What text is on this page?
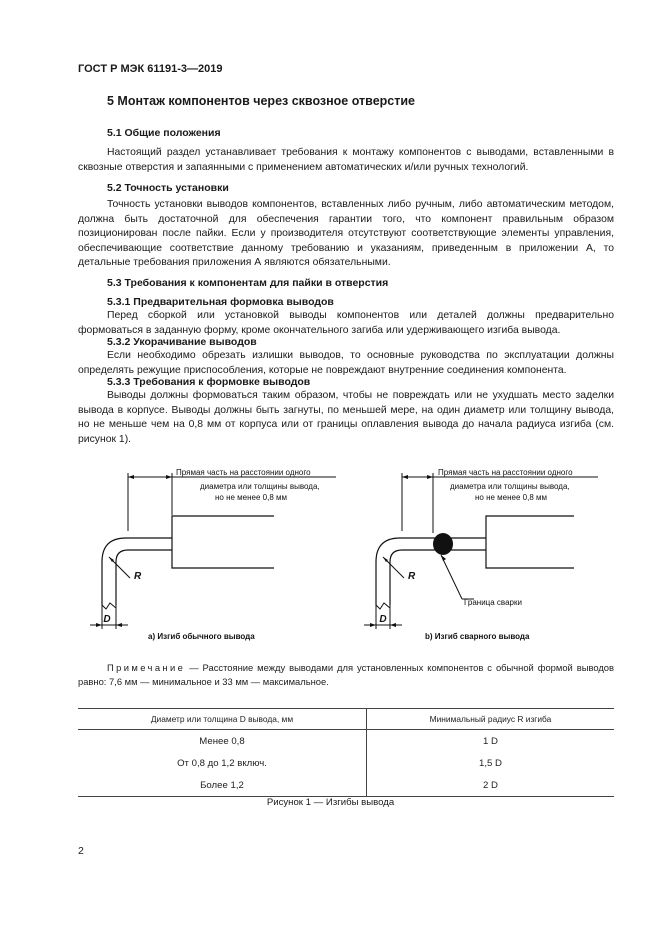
ГОСТ Р МЭК 61191-3—2019
5 Монтаж компонентов через сквозное отверстие
5.1 Общие положения
Настоящий раздел устанавливает требования к монтажу компонентов с выводами, вставленными в сквозные отверстия и запаянными с применением автоматических и/или ручных технологий.
5.2 Точность установки
Точность установки выводов компонентов, вставленных либо ручным, либо автоматическим методом, должна быть достаточной для обеспечения гарантии того, что компонент правильным образом позиционирован после пайки. Если у производителя отсутствуют соответствующие элементы управления, обеспечивающие соответствие данному требованию и указаниям, приведенным в приложении А, то детальные требования приложения А являются обязательными.
5.3 Требования к компонентам для пайки в отверстия
5.3.1 Предварительная формовка выводов
Перед сборкой или установкой выводы компонентов или деталей должны предварительно формоваться в заданную форму, кроме окончательного загиба или удерживающего изгиба вывода.
5.3.2 Укорачивание выводов
Если необходимо обрезать излишки выводов, то основные руководства по эксплуатации должны определять режущие приспособления, которые не повреждают внутренние соединения компонента.
5.3.3 Требования к формовке выводов
Выводы должны формоваться таким образом, чтобы не повреждать или не ухудшать место заделки вывода в корпусе. Выводы должны быть загнуты, по меньшей мере, на один диаметр или толщину вывода, но не меньше чем на 0,8 мм от корпуса или от границы оплавления вывода до начала радиуса изгиба (см. рисунок 1).
Прямая часть на расстоянии одного
диаметра или толщины вывода,
но не менее 0,8 мм
R
D
а) Изгиб обычного вывода
Прямая часть на расстоянии одного
диаметра или толщины вывода,
но не менее 0,8 мм
R
Граница сварки
D
b) Изгиб сварного вывода
Примечание — Расстояние между выводами для установленных компонентов с обычной формой выводов равно: 7,6 мм — минимальное и 33 мм — максимальное.
Диаметр или толщина D вывода, мм	Минимальный радиус R изгиба
Менее 0,8	1 D
От 0,8 до 1,2 включ.	1,5 D
Более 1,2	2 D
Рисунок 1 — Изгибы вывода
2
